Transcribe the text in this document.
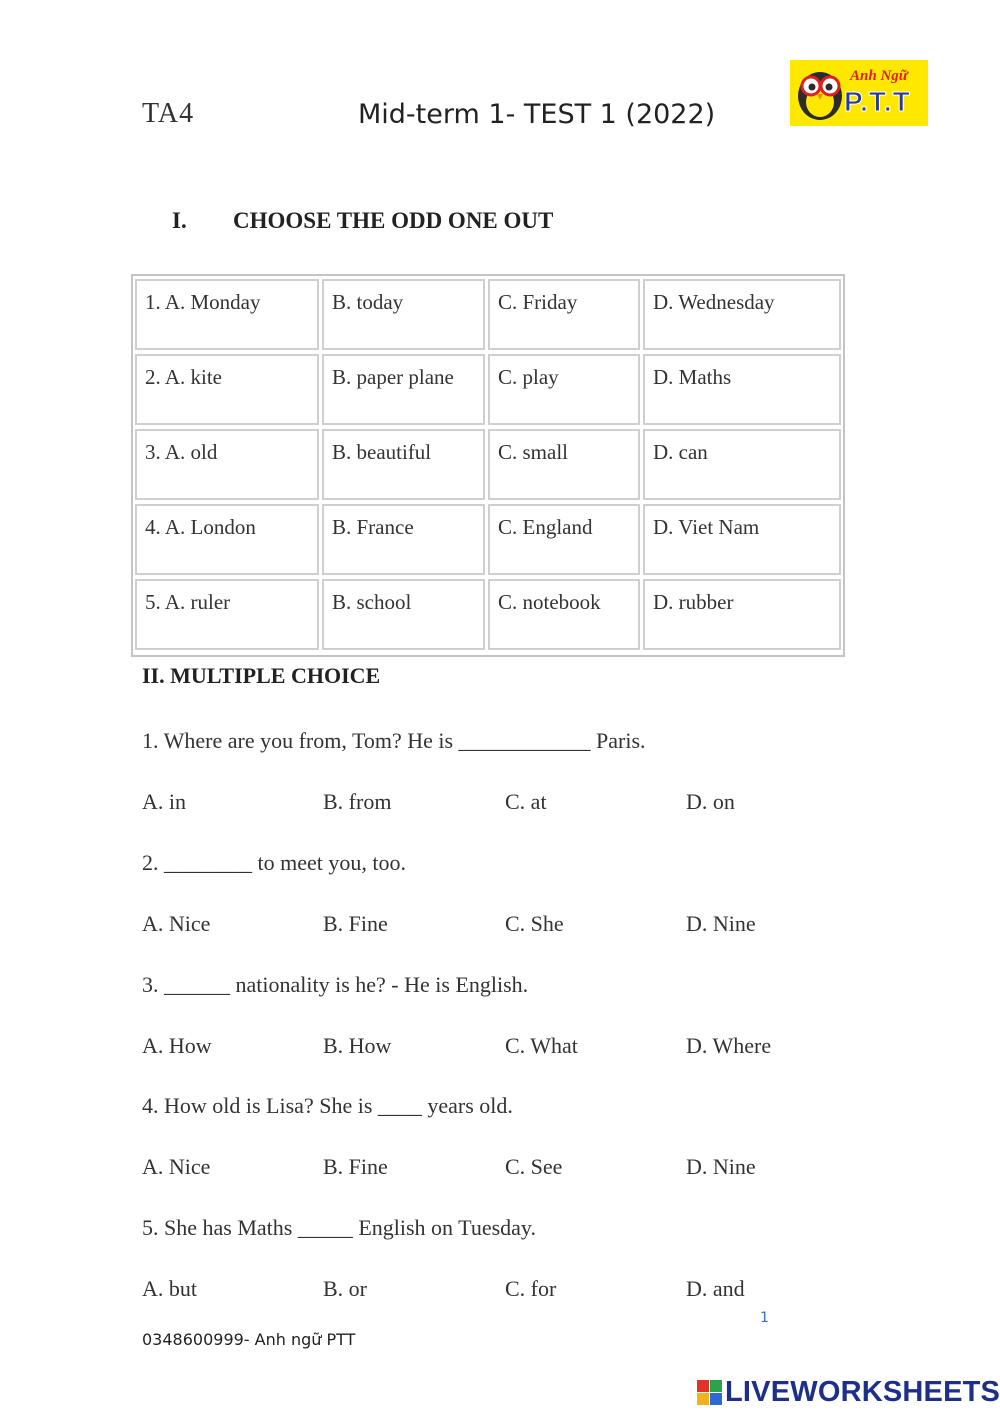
TA4	Mid-term 1- TEST 1 (2022)
Anh Ngữ
P.T.T
I. CHOOSE THE ODD ONE OUT
1. A. Monday	B. today	C. Friday	D. Wednesday
2. A. kite	B. paper plane	C. play	D. Maths
3. A. old	B. beautiful	C. small	D. can
4. A. London	B. France	C. England	D. Viet Nam
5. A. ruler	B. school	C. notebook	D. rubber
II. MULTIPLE CHOICE
1. Where are you from, Tom? He is ____________ Paris.
A. in	B. from	C. at	D. on
2. ________ to meet you, too.
A. Nice	B. Fine	C. She	D. Nine
3. ______ nationality is he? - He is English.
A. How	B. How	C. What	D. Where
4. How old is Lisa? She is ____ years old.
A. Nice	B. Fine	C. See	D. Nine
5. She has Maths _____ English on Tuesday.
A. but	B. or	C. for	D. and
0348600999- Anh ngữ PTT
1
LIVEWORKSHEETS
